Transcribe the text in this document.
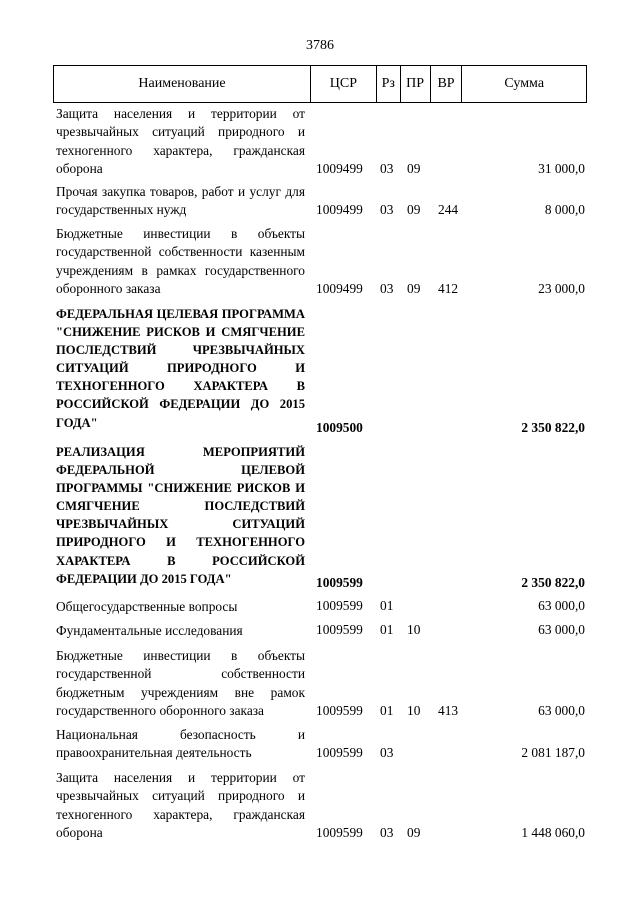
3786
Наименование	ЦСР	Рз ПР ВР	Сумма
Защита населения и территории от чрезвычайных ситуаций природного и техногенного характера, гражданская оборона	1009499 03 09	31 000,0
Прочая закупка товаров, работ и услуг для государственных нужд	1009499 03 09 244	8 000,0
Бюджетные инвестиции в объекты государственной собственности казенным учреждениям в рамках государственного оборонного заказа	1009499 03 09 412	23 000,0
ФЕДЕРАЛЬНАЯ ЦЕЛЕВАЯ ПРОГРАММА "СНИЖЕНИЕ РИСКОВ И СМЯГЧЕНИЕ ПОСЛЕДСТВИЙ ЧРЕЗВЫЧАЙНЫХ СИТУАЦИЙ ПРИРОДНОГО И ТЕХНОГЕННОГО ХАРАКТЕРА В РОССИЙСКОЙ ФЕДЕРАЦИИ ДО 2015 ГОДА"	1009500	2 350 822,0
РЕАЛИЗАЦИЯ МЕРОПРИЯТИЙ ФЕДЕРАЛЬНОЙ ЦЕЛЕВОЙ ПРОГРАММЫ "СНИЖЕНИЕ РИСКОВ И СМЯГЧЕНИЕ ПОСЛЕДСТВИЙ ЧРЕЗВЫЧАЙНЫХ СИТУАЦИЙ ПРИРОДНОГО И ТЕХНОГЕННОГО ХАРАКТЕРА В РОССИЙСКОЙ ФЕДЕРАЦИИ ДО 2015 ГОДА"	1009599	2 350 822,0
Общегосударственные вопросы	1009599 01	63 000,0
Фундаментальные исследования	1009599 01 10	63 000,0
Бюджетные инвестиции в объекты государственной собственности бюджетным учреждениям вне рамок государственного оборонного заказа	1009599 01 10 413	63 000,0
Национальная безопасность и правоохранительная деятельность	1009599 03	2 081 187,0
Защита населения и территории от чрезвычайных ситуаций природного и техногенного характера, гражданская оборона	1009599 03 09	1 448 060,0
